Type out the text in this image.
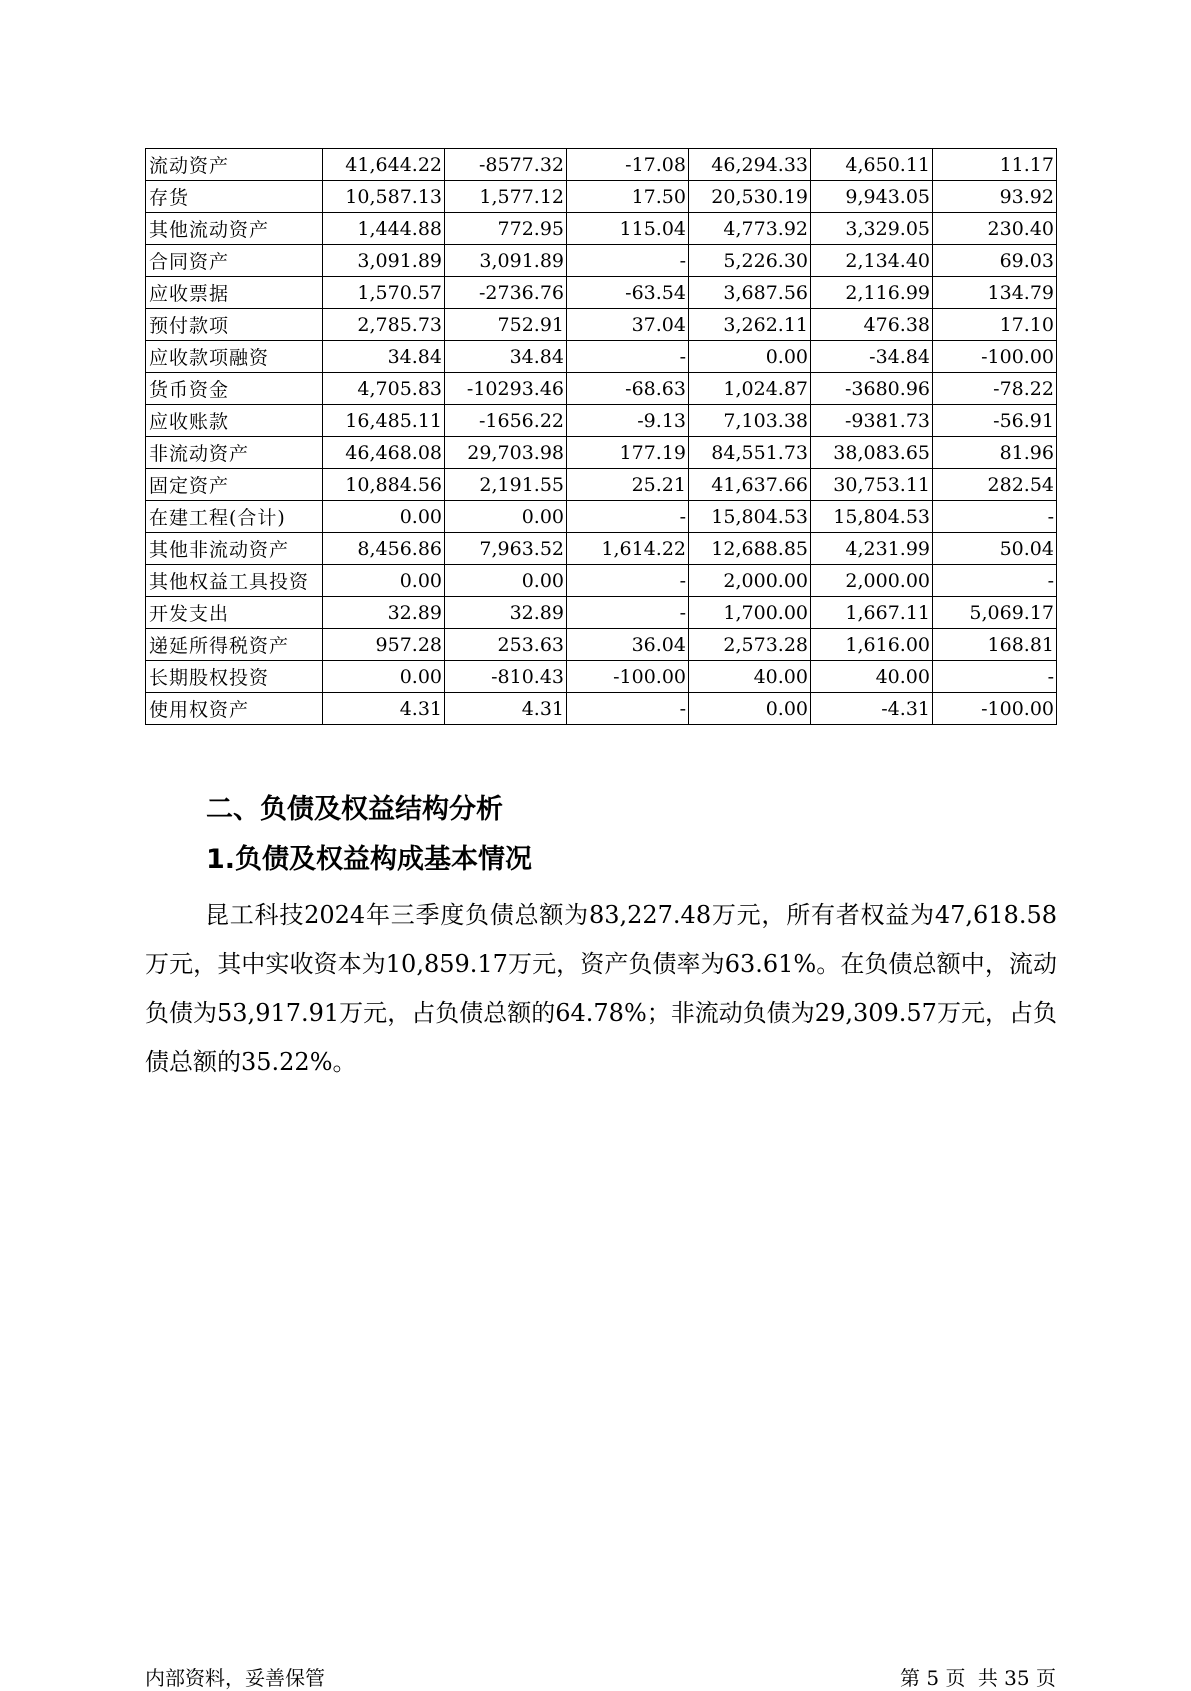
流动资产	41,644.22	-8577.32	-17.08	46,294.33	4,650.11	11.17
存货	10,587.13	1,577.12	17.50	20,530.19	9,943.05	93.92
其他流动资产	1,444.88	772.95	115.04	4,773.92	3,329.05	230.40
合同资产	3,091.89	3,091.89	-	5,226.30	2,134.40	69.03
应收票据	1,570.57	-2736.76	-63.54	3,687.56	2,116.99	134.79
预付款项	2,785.73	752.91	37.04	3,262.11	476.38	17.10
应收款项融资	34.84	34.84	-	0.00	-34.84	-100.00
货币资金	4,705.83	-10293.46	-68.63	1,024.87	-3680.96	-78.22
应收账款	16,485.11	-1656.22	-9.13	7,103.38	-9381.73	-56.91
非流动资产	46,468.08	29,703.98	177.19	84,551.73	38,083.65	81.96
固定资产	10,884.56	2,191.55	25.21	41,637.66	30,753.11	282.54
在建工程(合计)	0.00	0.00	-	15,804.53	15,804.53	-
其他非流动资产	8,456.86	7,963.52	1,614.22	12,688.85	4,231.99	50.04
其他权益工具投资	0.00	0.00	-	2,000.00	2,000.00	-
开发支出	32.89	32.89	-	1,700.00	1,667.11	5,069.17
递延所得税资产	957.28	253.63	36.04	2,573.28	1,616.00	168.81
长期股权投资	0.00	-810.43	-100.00	40.00	40.00	-
使用权资产	4.31	4.31	-	0.00	-4.31	-100.00
二、负债及权益结构分析
1.负债及权益构成基本情况

昆工科技2024年三季度负债总额为83,227.48万元，所有者权益为47,618.58万元，其中实收资本为10,859.17万元，资产负债率为63.61%。在负债总额中，流动负债为53,917.91万元，占负债总额的64.78%；非流动负债为29,309.57万元，占负债总额的35.22%。

内部资料，妥善保管	第 5 页 共 35 页
